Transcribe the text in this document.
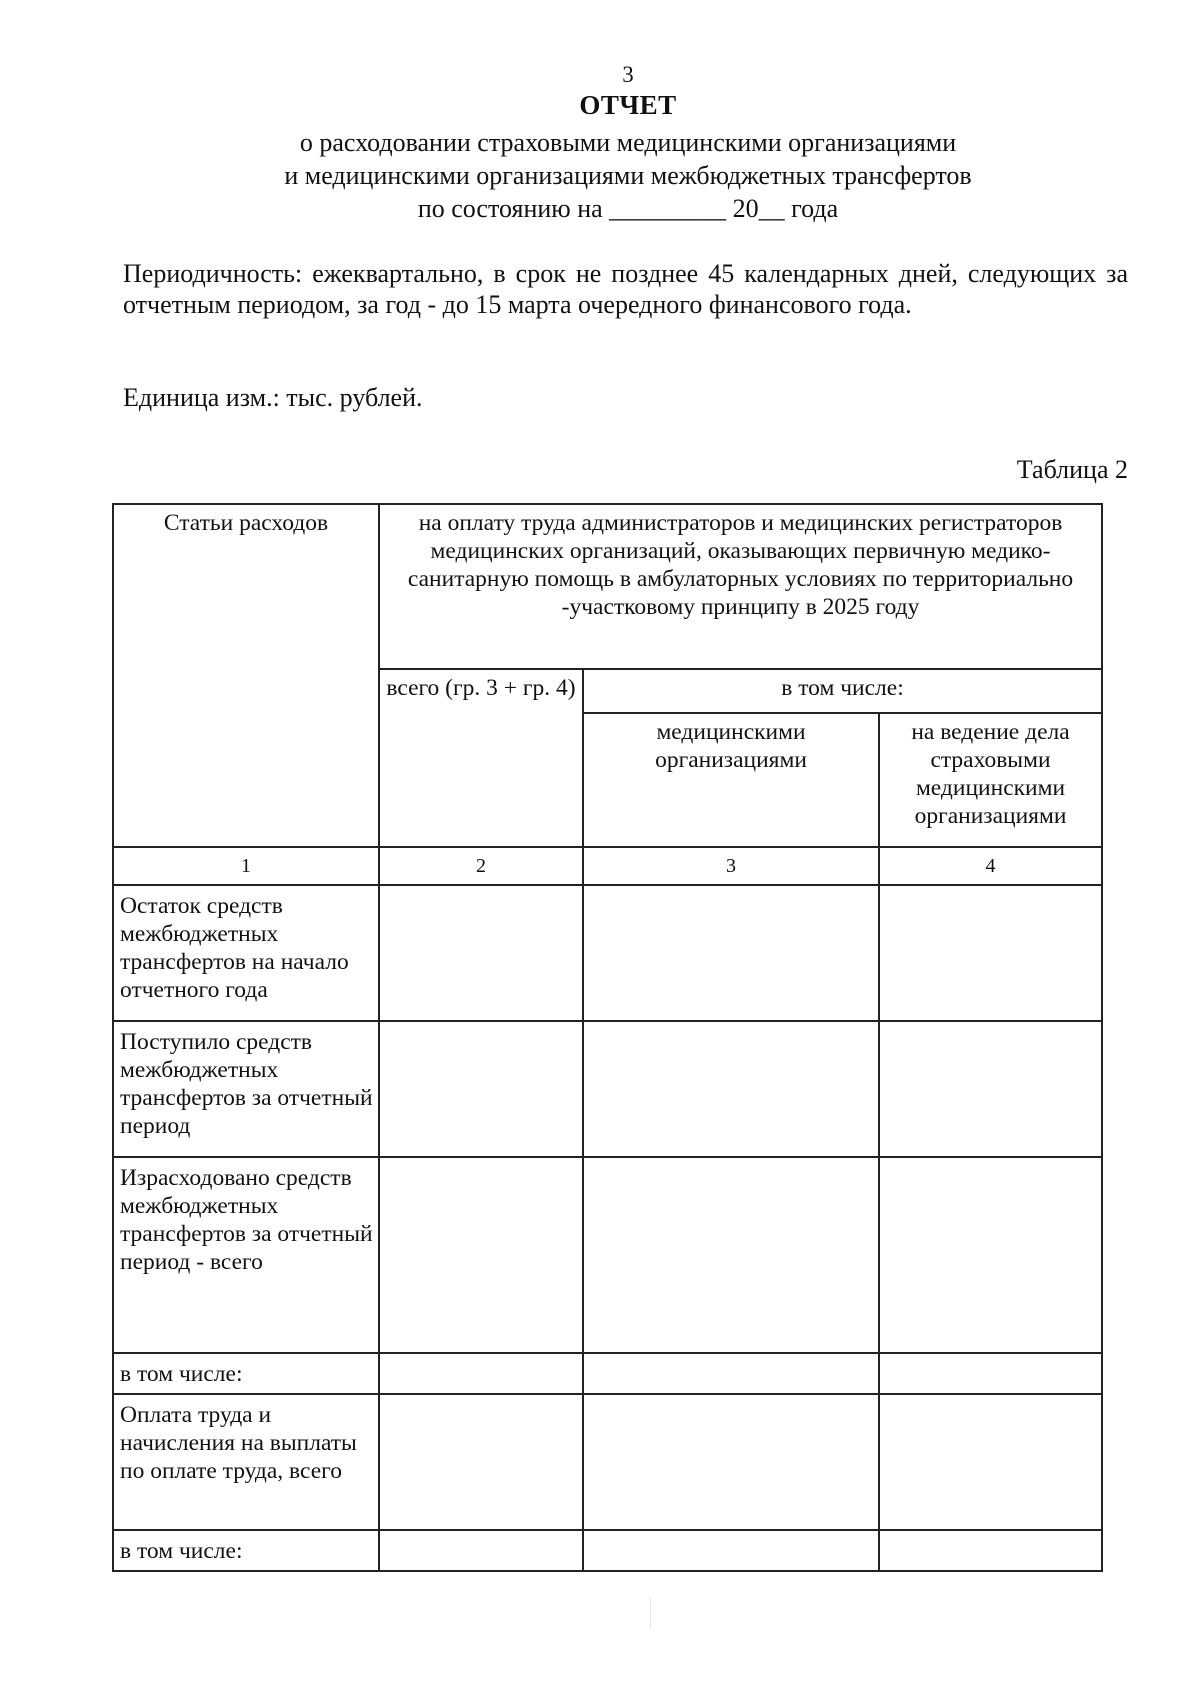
3
ОТЧЕТ
о расходовании страховыми медицинскими организациями
и медицинскими организациями межбюджетных трансфертов
по состоянию на _________ 20__ года
Периодичность: ежеквартально, в срок не позднее 45 календарных дней, следующих за отчетным периодом, за год - до 15 марта очередного финансового года.
Единица изм.: тыс. рублей.
Таблица 2
Статьи расходов	на оплату труда администраторов и медицинских регистраторов медицинских организаций, оказывающих первичную медико-санитарную помощь в амбулаторных условиях по территориально -участковому принципу в 2025 году		
	всего (гр. 3 + гр. 4)	в том числе:	
		медицинскими организациями	на ведение дела страховыми медицинскими организациями
1	2	3	4
Остаток средств межбюджетных трансфертов на начало отчетного года			
Поступило средств межбюджетных трансфертов за отчетный период			
Израсходовано средств межбюджетных трансфертов за отчетный период - всего			
в том числе:			
Оплата труда и начисления на выплаты по оплате труда, всего			
в том числе:			
